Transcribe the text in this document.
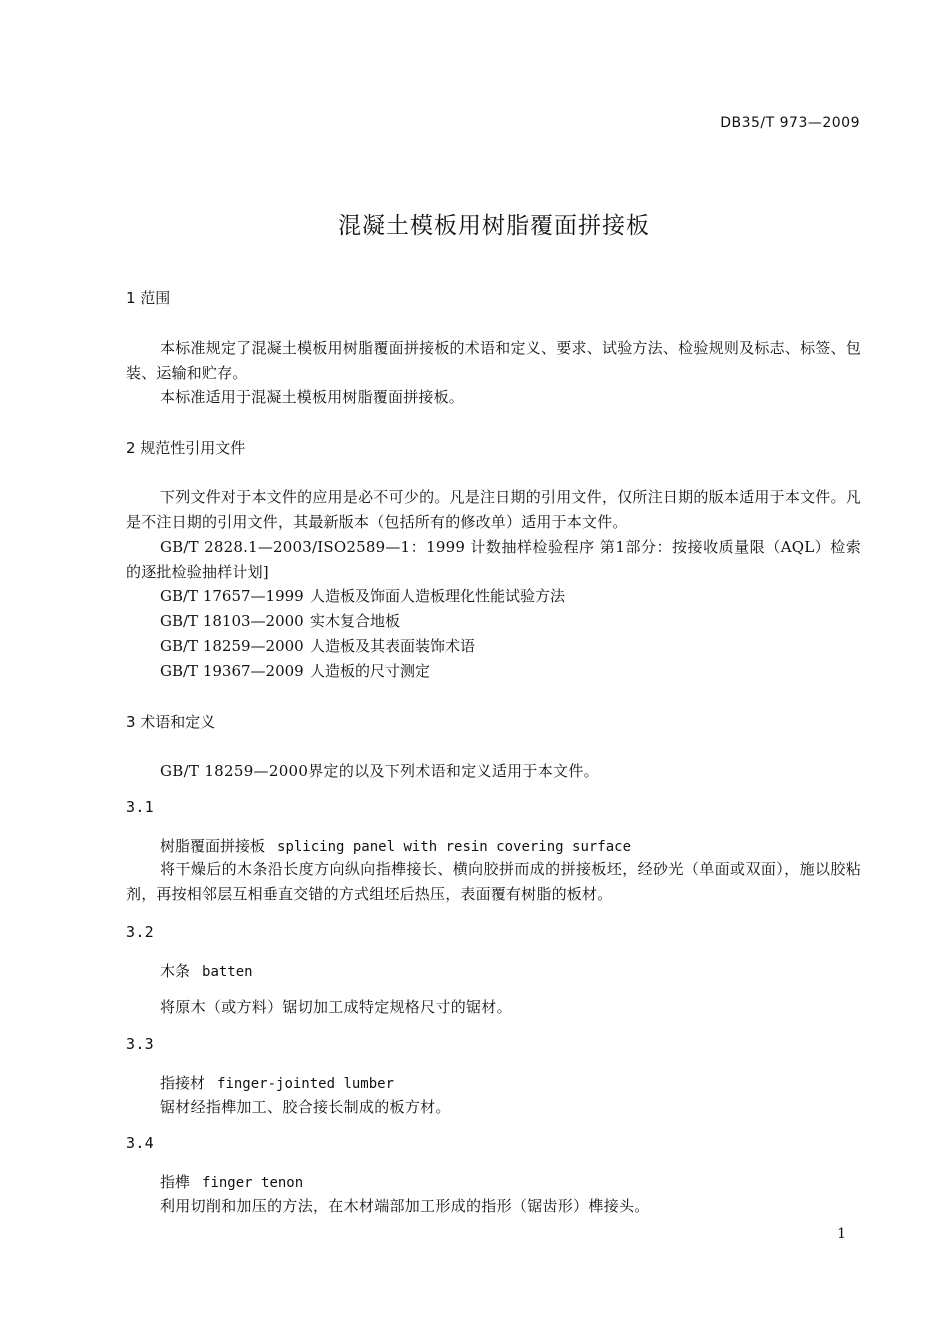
DB35/T 973—2009
混凝土模板用树脂覆面拼接板
1 范围
本标准规定了混凝土模板用树脂覆面拼接板的术语和定义、要求、试验方法、检验规则及标志、标签、包装、运输和贮存。
本标准适用于混凝土模板用树脂覆面拼接板。
2 规范性引用文件
下列文件对于本文件的应用是必不可少的。凡是注日期的引用文件，仅所注日期的版本适用于本文件。凡是不注日期的引用文件，其最新版本（包括所有的修改单）适用于本文件。
GB/T 2828.1—2003/ISO2589—1：1999 计数抽样检验程序 第1部分：按接收质量限（AQL）检索的逐批检验抽样计划]
GB/T 17657—1999 人造板及饰面人造板理化性能试验方法
GB/T 18103—2000 实木复合地板
GB/T 18259—2000 人造板及其表面装饰术语
GB/T 19367—2009 人造板的尺寸测定
3 术语和定义
GB/T 18259—2000界定的以及下列术语和定义适用于本文件。
3.1
树脂覆面拼接板 splicing panel with resin covering surface
将干燥后的木条沿长度方向纵向指榫接长、横向胶拼而成的拼接板坯，经砂光（单面或双面），施以胶粘剂，再按相邻层互相垂直交错的方式组坯后热压，表面覆有树脂的板材。
3.2
木条 batten
将原木（或方料）锯切加工成特定规格尺寸的锯材。
3.3
指接材 finger-jointed lumber
锯材经指榫加工、胶合接长制成的板方材。
3.4
指榫 finger tenon
利用切削和加压的方法，在木材端部加工形成的指形（锯齿形）榫接头。
1
